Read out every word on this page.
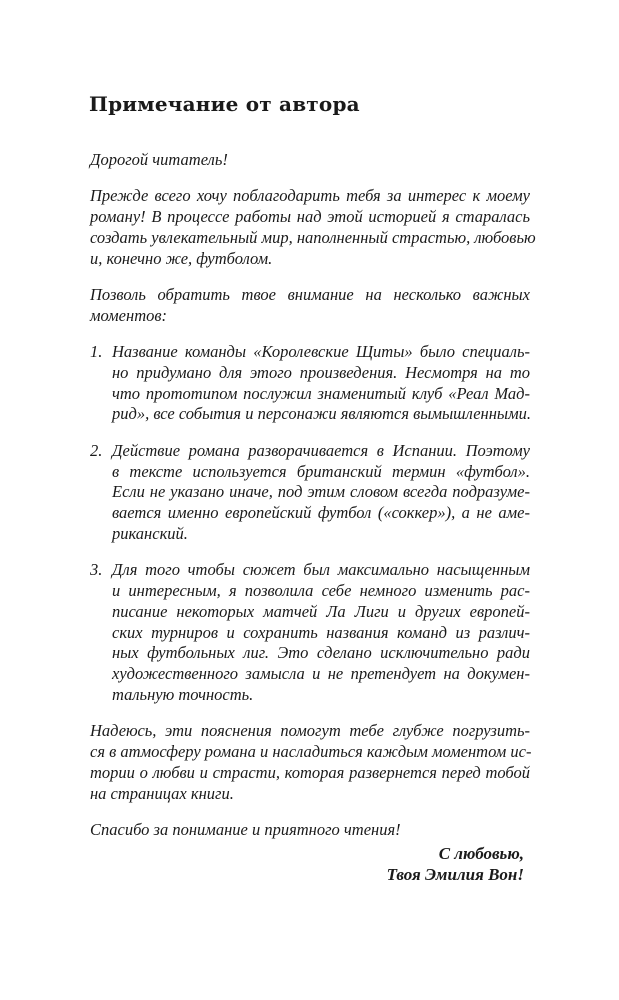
Примечание от автора

Дорогой читатель!

Прежде всего хочу поблагодарить тебя за интерес к моему
роману! В процессе работы над этой историей я старалась
создать увлекательный мир, наполненный страстью, любовью
и, конечно же, футболом.

Позволь обратить твое внимание на несколько важных
моментов:

1. Название команды «Королевские Щиты» было специаль-
но придумано для этого произведения. Несмотря на то
что прототипом послужил знаменитый клуб «Реал Мад-
рид», все события и персонажи являются вымышленными.
2. Действие романа разворачивается в Испании. Поэтому
в тексте используется британский термин «футбол».
Если не указано иначе, под этим словом всегда подразуме-
вается именно европейский футбол («соккер»), а не аме-
риканский.
3. Для того чтобы сюжет был максимально насыщенным
и интересным, я позволила себе немного изменить рас-
писание некоторых матчей Ла Лиги и других европей-
ских турниров и сохранить названия команд из различ-
ных футбольных лиг. Это сделано исключительно ради
художественного замысла и не претендует на докумен-
тальную точность.

Надеюсь, эти пояснения помогут тебе глубже погрузить-
ся в атмосферу романа и насладиться каждым моментом ис-
тории о любви и страсти, которая развернется перед тобой
на страницах книги.

Спасибо за понимание и приятного чтения!

С любовью,
Твоя Эмилия Вон!
